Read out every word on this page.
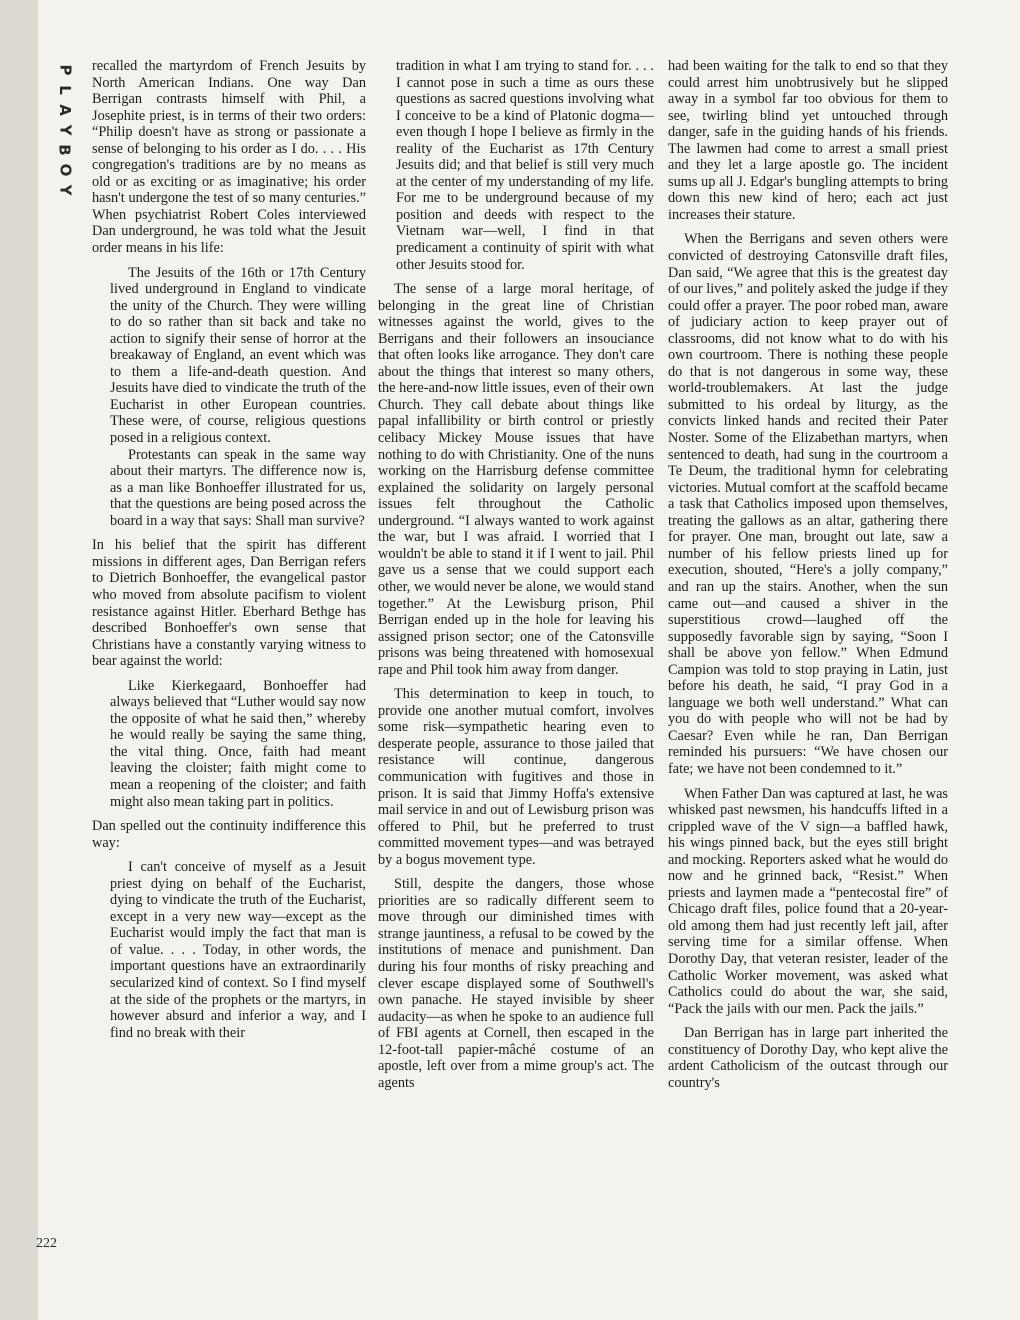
P
L
A
Y
B
O
Y
222

recalled the martyrdom of French Jesuits by North American Indians. One way Dan Berrigan contrasts himself with Phil, a Josephite priest, is in terms of their two orders: “Philip doesn't have as strong or passionate a sense of belonging to his order as I do. . . . His congregation's traditions are by no means as old or as exciting or as imaginative; his order hasn't undergone the test of so many centuries.” When psychiatrist Robert Coles interviewed Dan underground, he was told what the Jesuit order means in his life:

The Jesuits of the 16th or 17th Century lived underground in England to vindicate the unity of the Church. They were willing to do so rather than sit back and take no action to signify their sense of horror at the breakaway of England, an event which was to them a life-and-death question. And Jesuits have died to vindicate the truth of the Eucharist in other European countries. These were, of course, religious questions posed in a religious context.

Protestants can speak in the same way about their martyrs. The difference now is, as a man like Bonhoeffer illustrated for us, that the questions are being posed across the board in a way that says: Shall man survive?

In his belief that the spirit has different missions in different ages, Dan Berrigan refers to Dietrich Bonhoeffer, the evangelical pastor who moved from absolute pacifism to violent resistance against Hitler. Eberhard Bethge has described Bonhoeffer's own sense that Christians have a constantly varying witness to bear against the world:

Like Kierkegaard, Bonhoeffer had always believed that “Luther would say now the opposite of what he said then,” whereby he would really be saying the same thing, the vital thing. Once, faith had meant leaving the cloister; faith might come to mean a reopening of the cloister; and faith might also mean taking part in politics.

Dan spelled out the continuity indifference this way:

I can't conceive of myself as a Jesuit priest dying on behalf of the Eucharist, dying to vindicate the truth of the Eucharist, except in a very new way—except as the Eucharist would imply the fact that man is of value. . . . Today, in other words, the important questions have an extraordinarily secularized kind of context. So I find myself at the side of the prophets or the martyrs, in however absurd and inferior a way, and I find no break with their

tradition in what I am trying to stand for. . . . I cannot pose in such a time as ours these questions as sacred questions involving what I conceive to be a kind of Platonic dogma—even though I hope I believe as firmly in the reality of the Eucharist as 17th Century Jesuits did; and that belief is still very much at the center of my understanding of my life. For me to be underground because of my position and deeds with respect to the Vietnam war—well, I find in that predicament a continuity of spirit with what other Jesuits stood for.

The sense of a large moral heritage, of belonging in the great line of Christian witnesses against the world, gives to the Berrigans and their followers an insouciance that often looks like arrogance. They don't care about the things that interest so many others, the here-and-now little issues, even of their own Church. They call debate about things like papal infallibility or birth control or priestly celibacy Mickey Mouse issues that have nothing to do with Christianity. One of the nuns working on the Harrisburg defense committee explained the solidarity on largely personal issues felt throughout the Catholic underground. “I always wanted to work against the war, but I was afraid. I worried that I wouldn't be able to stand it if I went to jail. Phil gave us a sense that we could support each other, we would never be alone, we would stand together.” At the Lewisburg prison, Phil Berrigan ended up in the hole for leaving his assigned prison sector; one of the Catonsville prisons was being threatened with homosexual rape and Phil took him away from danger.

This determination to keep in touch, to provide one another mutual comfort, involves some risk—sympathetic hearing even to desperate people, assurance to those jailed that resistance will continue, dangerous communication with fugitives and those in prison. It is said that Jimmy Hoffa's extensive mail service in and out of Lewisburg prison was offered to Phil, but he preferred to trust committed movement types—and was betrayed by a bogus movement type.

Still, despite the dangers, those whose priorities are so radically different seem to move through our diminished times with strange jauntiness, a refusal to be cowed by the institutions of menace and punishment. Dan during his four months of risky preaching and clever escape displayed some of Southwell's own panache. He stayed invisible by sheer audacity—as when he spoke to an audience full of FBI agents at Cornell, then escaped in the 12-foot-tall papier-mâché costume of an apostle, left over from a mime group's act. The agents

had been waiting for the talk to end so that they could arrest him unobtrusively but he slipped away in a symbol far too obvious for them to see, twirling blind yet untouched through danger, safe in the guiding hands of his friends. The lawmen had come to arrest a small priest and they let a large apostle go. The incident sums up all J. Edgar's bungling attempts to bring down this new kind of hero; each act just increases their stature.

When the Berrigans and seven others were convicted of destroying Catonsville draft files, Dan said, “We agree that this is the greatest day of our lives,” and politely asked the judge if they could offer a prayer. The poor robed man, aware of judiciary action to keep prayer out of classrooms, did not know what to do with his own courtroom. There is nothing these people do that is not dangerous in some way, these world-troublemakers. At last the judge submitted to his ordeal by liturgy, as the convicts linked hands and recited their Pater Noster. Some of the Elizabethan martyrs, when sentenced to death, had sung in the courtroom a Te Deum, the traditional hymn for celebrating victories. Mutual comfort at the scaffold became a task that Catholics imposed upon themselves, treating the gallows as an altar, gathering there for prayer. One man, brought out late, saw a number of his fellow priests lined up for execution, shouted, “Here's a jolly company,” and ran up the stairs. Another, when the sun came out—and caused a shiver in the superstitious crowd—laughed off the supposedly favorable sign by saying, “Soon I shall be above yon fellow.” When Edmund Campion was told to stop praying in Latin, just before his death, he said, “I pray God in a language we both well understand.” What can you do with people who will not be had by Caesar? Even while he ran, Dan Berrigan reminded his pursuers: “We have chosen our fate; we have not been condemned to it.”

When Father Dan was captured at last, he was whisked past newsmen, his handcuffs lifted in a crippled wave of the V sign—a baffled hawk, his wings pinned back, but the eyes still bright and mocking. Reporters asked what he would do now and he grinned back, “Resist.” When priests and laymen made a “pentecostal fire” of Chicago draft files, police found that a 20-year-old among them had just recently left jail, after serving time for a similar offense. When Dorothy Day, that veteran resister, leader of the Catholic Worker movement, was asked what Catholics could do about the war, she said, “Pack the jails with our men. Pack the jails.”

Dan Berrigan has in large part inherited the constituency of Dorothy Day, who kept alive the ardent Catholicism of the outcast through our country's
